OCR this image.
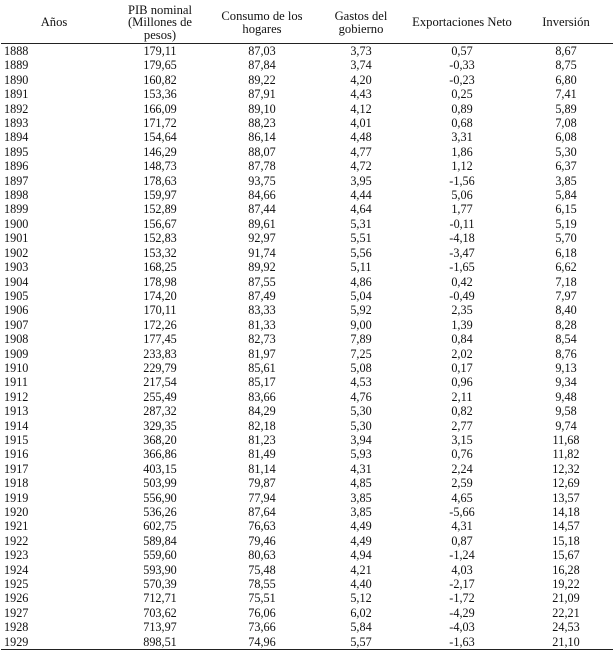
Años	PIB nominal (Millones de pesos)	Consumo de los hogares	Gastos del gobierno	Exportaciones Neto	Inversión
1888	179,11	87,03	3,73	0,57	8,67
1889	179,65	87,84	3,74	-0,33	8,75
1890	160,82	89,22	4,20	-0,23	6,80
1891	153,36	87,91	4,43	0,25	7,41
1892	166,09	89,10	4,12	0,89	5,89
1893	171,72	88,23	4,01	0,68	7,08
1894	154,64	86,14	4,48	3,31	6,08
1895	146,29	88,07	4,77	1,86	5,30
1896	148,73	87,78	4,72	1,12	6,37
1897	178,63	93,75	3,95	-1,56	3,85
1898	159,97	84,66	4,44	5,06	5,84
1899	152,89	87,44	4,64	1,77	6,15
1900	156,67	89,61	5,31	-0,11	5,19
1901	152,83	92,97	5,51	-4,18	5,70
1902	153,32	91,74	5,56	-3,47	6,18
1903	168,25	89,92	5,11	-1,65	6,62
1904	178,98	87,55	4,86	0,42	7,18
1905	174,20	87,49	5,04	-0,49	7,97
1906	170,11	83,33	5,92	2,35	8,40
1907	172,26	81,33	9,00	1,39	8,28
1908	177,45	82,73	7,89	0,84	8,54
1909	233,83	81,97	7,25	2,02	8,76
1910	229,79	85,61	5,08	0,17	9,13
1911	217,54	85,17	4,53	0,96	9,34
1912	255,49	83,66	4,76	2,11	9,48
1913	287,32	84,29	5,30	0,82	9,58
1914	329,35	82,18	5,30	2,77	9,74
1915	368,20	81,23	3,94	3,15	11,68
1916	366,86	81,49	5,93	0,76	11,82
1917	403,15	81,14	4,31	2,24	12,32
1918	503,99	79,87	4,85	2,59	12,69
1919	556,90	77,94	3,85	4,65	13,57
1920	536,26	87,64	3,85	-5,66	14,18
1921	602,75	76,63	4,49	4,31	14,57
1922	589,84	79,46	4,49	0,87	15,18
1923	559,60	80,63	4,94	-1,24	15,67
1924	593,90	75,48	4,21	4,03	16,28
1925	570,39	78,55	4,40	-2,17	19,22
1926	712,71	75,51	5,12	-1,72	21,09
1927	703,62	76,06	6,02	-4,29	22,21
1928	713,97	73,66	5,84	-4,03	24,53
1929	898,51	74,96	5,57	-1,63	21,10
